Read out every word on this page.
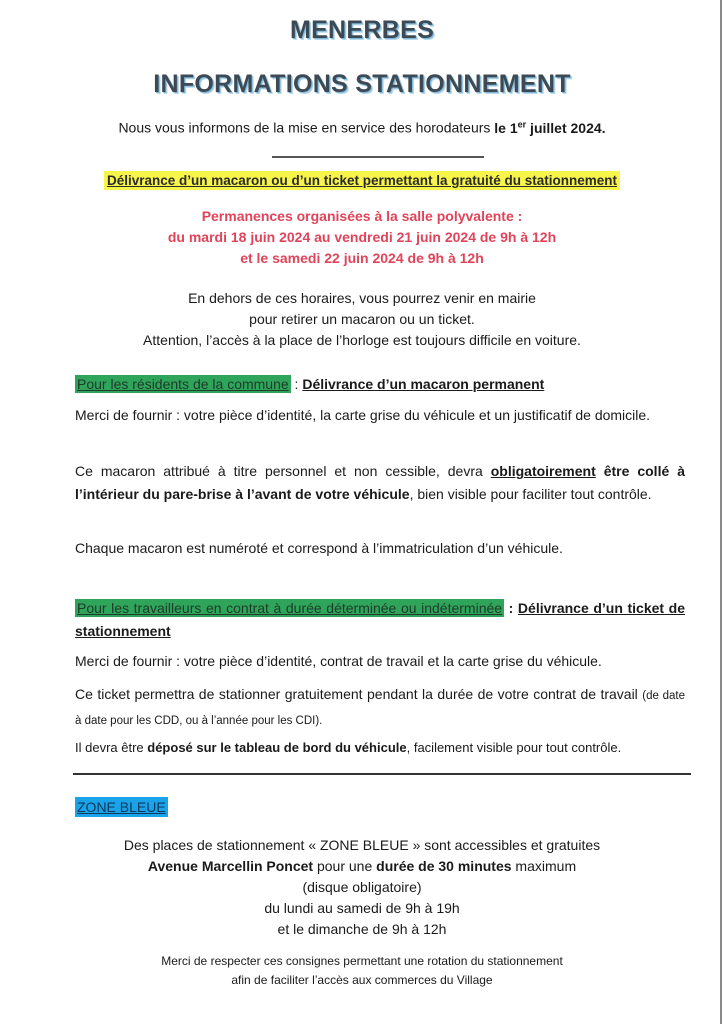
MENERBES
INFORMATIONS STATIONNEMENT
Nous vous informons de la mise en service des horodateurs le 1er juillet 2024.
Délivrance d’un macaron ou d’un ticket permettant la gratuité du stationnement
Permanences organisées à la salle polyvalente :
du mardi 18 juin 2024 au vendredi 21 juin 2024 de 9h à 12h
et le samedi 22 juin 2024 de 9h à 12h
En dehors de ces horaires, vous pourrez venir en mairie
pour retirer un macaron ou un ticket.
Attention, l’accès à la place de l’horloge est toujours difficile en voiture.
Pour les résidents de la commune : Délivrance d’un macaron permanent
Merci de fournir : votre pièce d’identité, la carte grise du véhicule et un justificatif de domicile.
Ce macaron attribué à titre personnel et non cessible, devra obligatoirement être collé à l’intérieur du pare-brise à l’avant de votre véhicule, bien visible pour faciliter tout contrôle.
Chaque macaron est numéroté et correspond à l’immatriculation d’un véhicule.
Pour les travailleurs en contrat à durée déterminée ou indéterminée : Délivrance d’un ticket de stationnement
Merci de fournir : votre pièce d’identité, contrat de travail et la carte grise du véhicule.
Ce ticket permettra de stationner gratuitement pendant la durée de votre contrat de travail (de date à date pour les CDD, ou à l’année pour les CDI).
Il devra être déposé sur le tableau de bord du véhicule, facilement visible pour tout contrôle.
ZONE BLEUE
Des places de stationnement « ZONE BLEUE » sont accessibles et gratuites
Avenue Marcellin Poncet pour une durée de 30 minutes maximum
(disque obligatoire)
du lundi au samedi de 9h à 19h
et le dimanche de 9h à 12h
Merci de respecter ces consignes permettant une rotation du stationnement
afin de faciliter l’accès aux commerces du Village
